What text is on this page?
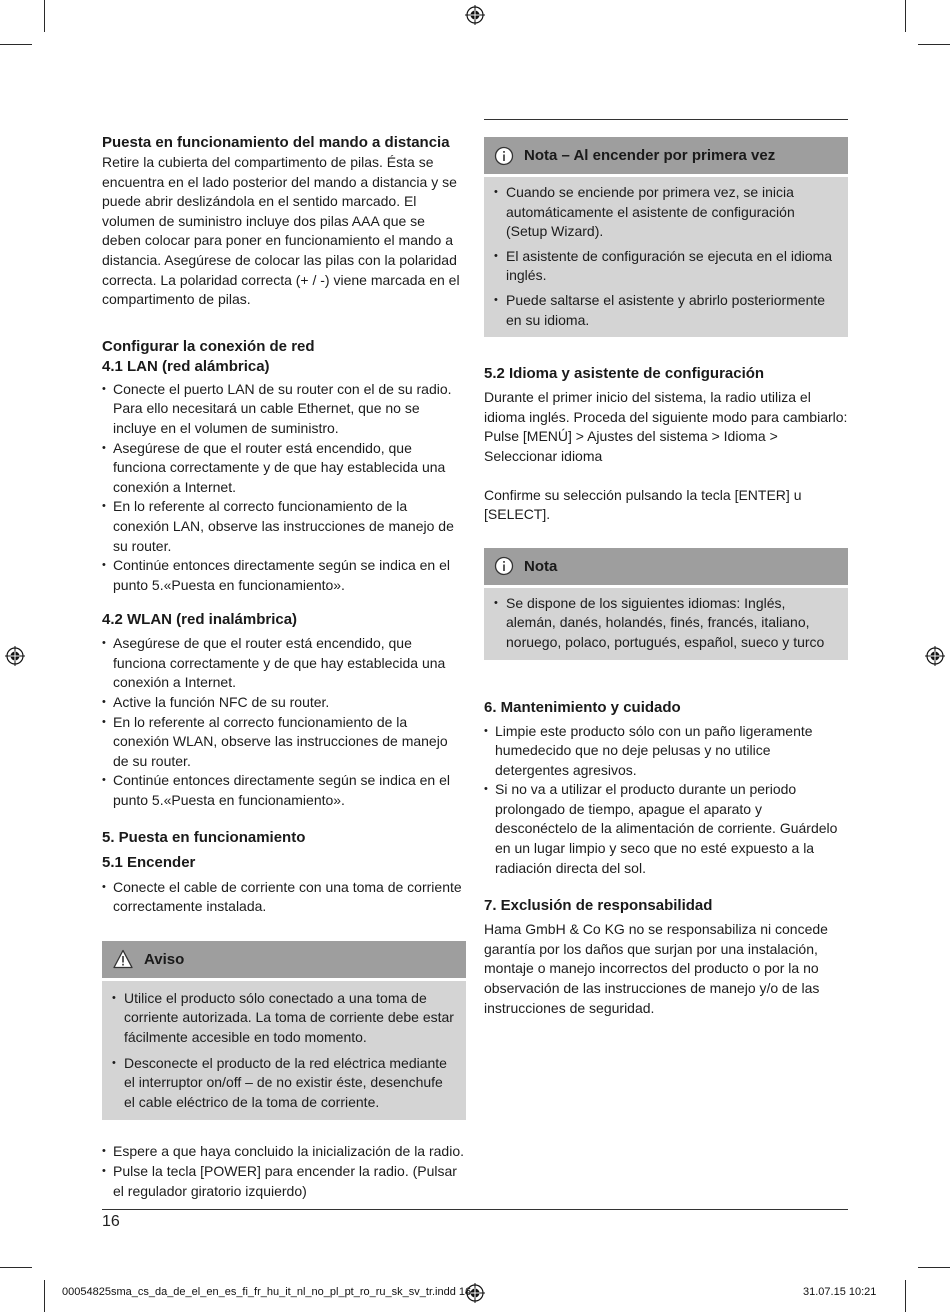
Puesta en funcionamiento del mando a distancia

Retire la cubierta del compartimento de pilas. Ésta se encuentra en el lado posterior del mando a distancia y se puede abrir deslizándola en el sentido marcado. El volumen de suministro incluye dos pilas AAA que se deben colocar para poner en funcionamiento el mando a distancia. Asegúrese de colocar las pilas con la polaridad correcta. La polaridad correcta (+ / -) viene marcada en el compartimento de pilas.

Configurar la conexión de red
4.1 LAN (red alámbrica)
• Conecte el puerto LAN de su router con el de su radio. Para ello necesitará un cable Ethernet, que no se incluye en el volumen de suministro.
• Asegúrese de que el router está encendido, que funciona correctamente y de que hay establecida una conexión a Internet.
• En lo referente al correcto funcionamiento de la conexión LAN, observe las instrucciones de manejo de su router.
• Continúe entonces directamente según se indica en el punto 5.«Puesta en funcionamiento».
4.2 WLAN (red inalámbrica)
• Asegúrese de que el router está encendido, que funciona correctamente y de que hay establecida una conexión a Internet.
• Active la función NFC de su router.
• En lo referente al correcto funcionamiento de la conexión WLAN, observe las instrucciones de manejo de su router.
• Continúe entonces directamente según se indica en el punto 5.«Puesta en funcionamiento».
5. Puesta en funcionamiento
5.1 Encender
• Conecte el cable de corriente con una toma de corriente correctamente instalada.
Aviso
• Utilice el producto sólo conectado a una toma de corriente autorizada. La toma de corriente debe estar fácilmente accesible en todo momento.
• Desconecte el producto de la red eléctrica mediante el interruptor on/off – de no existir éste, desenchufe el cable eléctrico de la toma de corriente.
• Espere a que haya concluido la inicialización de la radio.
• Pulse la tecla [POWER] para encender la radio. (Pulsar el regulador giratorio izquierdo)
Nota – Al encender por primera vez
• Cuando se enciende por primera vez, se inicia automáticamente el asistente de configuración (Setup Wizard).
• El asistente de configuración se ejecuta en el idioma inglés.
• Puede saltarse el asistente y abrirlo posteriormente en su idioma.
5.2 Idioma y asistente de configuración

Durante el primer inicio del sistema, la radio utiliza el idioma inglés. Proceda del siguiente modo para cambiarlo: Pulse [MENÚ] > Ajustes del sistema > Idioma > Seleccionar idioma

Confirme su selección pulsando la tecla [ENTER] u [SELECT].

Nota
• Se dispone de los siguientes idiomas: Inglés, alemán, danés, holandés, finés, francés, italiano, noruego, polaco, portugués, español, sueco y turco
6. Mantenimiento y cuidado
• Limpie este producto sólo con un paño ligeramente humedecido que no deje pelusas y no utilice detergentes agresivos.
• Si no va a utilizar el producto durante un periodo prolongado de tiempo, apague el aparato y desconéctelo de la alimentación de corriente. Guárdelo en un lugar limpio y seco que no esté expuesto a la radiación directa del sol.
7. Exclusión de responsabilidad

Hama GmbH & Co KG no se responsabiliza ni concede garantía por los daños que surjan por una instalación, montaje o manejo incorrectos del producto o por la no observación de las instrucciones de manejo y/o de las instrucciones de seguridad.

16
00054825sma_cs_da_de_el_en_es_fi_fr_hu_it_nl_no_pl_pt_ro_ru_sk_sv_tr.indd 16	31.07.15 10:21
